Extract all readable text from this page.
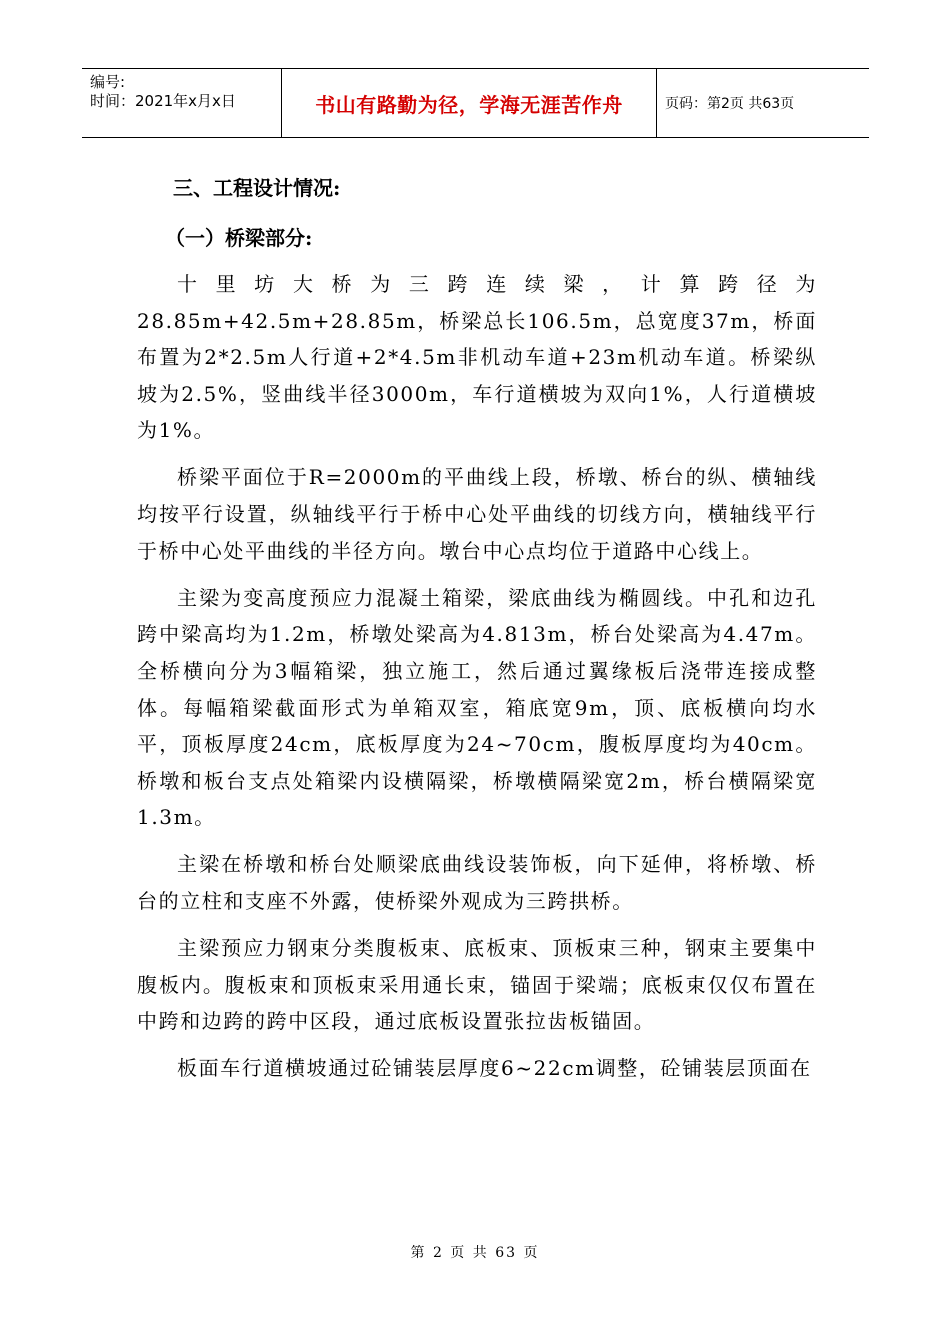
编号:
时间：2021年x月x日	书山有路勤为径，学海无涯苦作舟	页码：第2页 共63页
三、工程设计情况:
（一）桥梁部分:

十里坊大桥为三跨连续梁，计算跨径为28.85m+42.5m+28.85m，桥梁总长106.5m，总宽度37m，桥面布置为2*2.5m人行道+2*4.5m非机动车道+23m机动车道。桥梁纵坡为2.5%，竖曲线半径3000m，车行道横坡为双向1%，人行道横坡为1%。

桥梁平面位于R=2000m的平曲线上段，桥墩、桥台的纵、横轴线均按平行设置，纵轴线平行于桥中心处平曲线的切线方向，横轴线平行于桥中心处平曲线的半径方向。墩台中心点均位于道路中心线上。

主梁为变高度预应力混凝土箱梁，梁底曲线为椭圆线。中孔和边孔跨中梁高均为1.2m，桥墩处梁高为4.813m，桥台处梁高为4.47m。全桥横向分为3幅箱梁，独立施工，然后通过翼缘板后浇带连接成整体。每幅箱梁截面形式为单箱双室，箱底宽9m，顶、底板横向均水平，顶板厚度24cm，底板厚度为24~70cm，腹板厚度均为40cm。桥墩和板台支点处箱梁内设横隔梁，桥墩横隔梁宽2m，桥台横隔梁宽1.3m。

主梁在桥墩和桥台处顺梁底曲线设装饰板，向下延伸，将桥墩、桥台的立柱和支座不外露，使桥梁外观成为三跨拱桥。

主梁预应力钢束分类腹板束、底板束、顶板束三种，钢束主要集中腹板内。腹板束和顶板束采用通长束，锚固于梁端；底板束仅仅布置在中跨和边跨的跨中区段，通过底板设置张拉齿板锚固。

板面车行道横坡通过砼铺装层厚度6~22cm调整，砼铺装层顶面在

第 2 页 共 63 页
